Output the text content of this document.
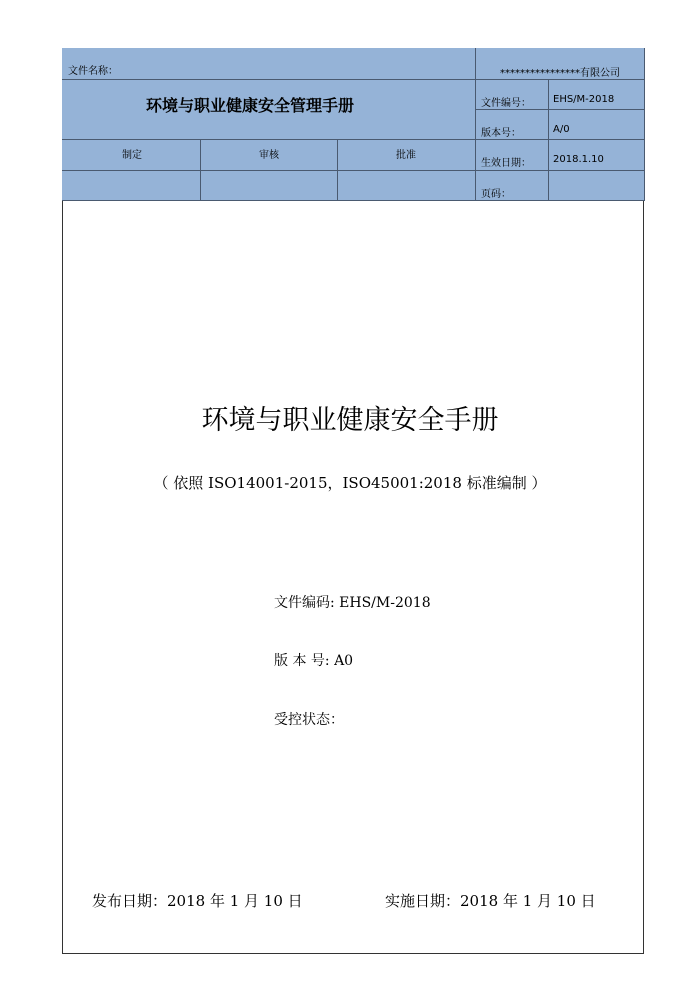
文件名称：
环境与职业健康安全管理手册
****************有限公司
文件编号： EHS/M-2018
版本号：	A/0
生效日期： 2018.1.10
页码：
制定	审核	批准
环境与职业健康安全手册
（ 依照 ISO14001-2015，ISO45001:2018 标准编制 ）
文件编码: EHS/M-2018
版 本 号: A0
受控状态：
发布日期：2018 年 1 月 10 日	实施日期：2018 年 1 月 10 日
